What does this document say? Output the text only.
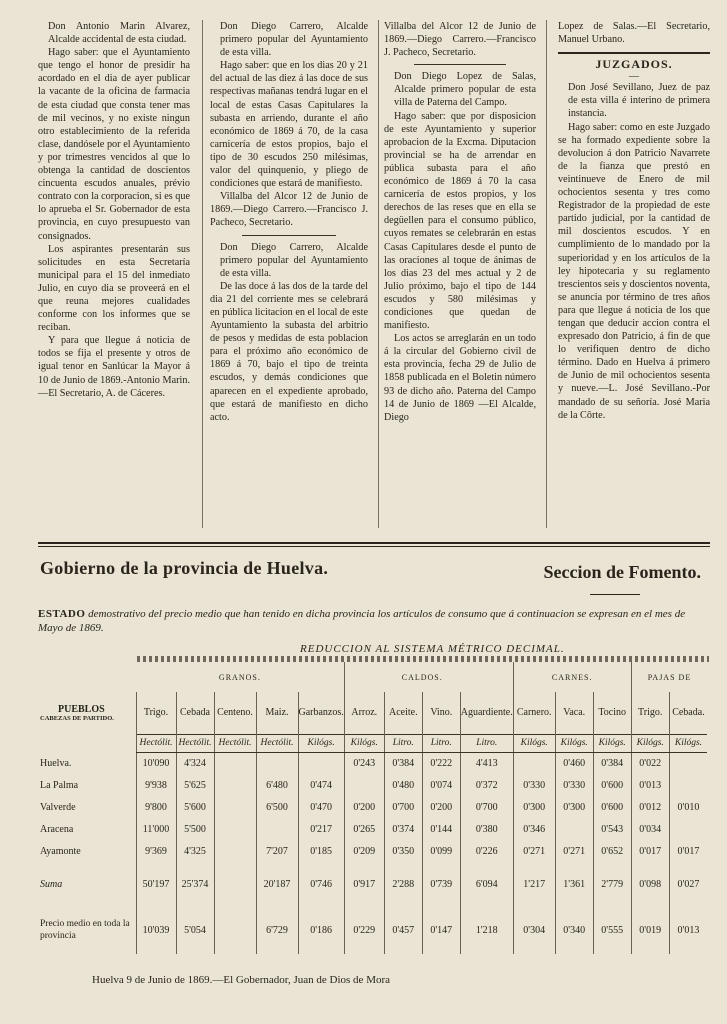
Don Antonio Marin Alvarez, Alcalde accidental de esta ciudad.

Hago saber: que el Ayuntamiento que tengo el honor de presidir ha acordado en el dia de ayer publicar la vacante de la oficina de farmacia de esta ciudad que consta tener mas de mil vecinos, y no existe ningun otro establecimiento de la referida clase, dandósele por el Ayuntamiento y por trimestres vencidos al que lo obtenga la cantidad de doscientos cincuenta escudos anuales, prévio contrato con la corporacion, si es que lo aprueba el Sr. Gobernador de esta provincia, en cuyo presupuesto van consignados.

Los aspirantes presentarán sus solicitudes en esta Secretaría municipal para el 15 del inmediato Julio, en cuyo dia se proveerá en el que reuna mejores cualidades conforme con los informes que se reciban.

Y para que llegue á noticia de todos se fija el presente y otros de igual tenor en Sanlúcar la Mayor á 10 de Junio de 1869.-Antonio Marin.—El Secretario, A. de Cáceres.

Don Diego Carrero, Alcalde primero popular del Ayuntamiento de esta villa.

Hago saber: que en los dias 20 y 21 del actual de las diez á las doce de sus respectivas mañanas tendrá lugar en el local de estas Casas Capitulares la subasta en arriendo, durante el año económico de 1869 á 70, de la casa carnicería de estos propios, bajo el tipo de 30 escudos 250 milésimas, valor del quinquenio, y pliego de condiciones que estará de manifiesto.

Villalba del Alcor 12 de Junio de 1869.—Diego Carrero.—Francisco J. Pacheco, Secretario.

Don Diego Carrero, Alcalde primero popular del Ayuntamiento de esta villa.

De las doce á las dos de la tarde del dia 21 del corriente mes se celebrará en pública licitacion en el local de este Ayuntamiento la subasta del arbitrio de pesos y medidas de esta poblacion para el próximo año económico de 1869 á 70, bajo el tipo de treinta escudos, y demás condiciones que aparecen en el expediente aprobado, que estará de manifiesto en dicho acto.

Villalba del Alcor 12 de Junio de 1869.—Diego Carrero.—Francisco J. Pacheco, Secretario.

Don Diego Lopez de Salas, Alcalde primero popular de esta villa de Paterna del Campo.

Hago saber: que por disposicion de este Ayuntamiento y superior aprobacion de la Excma. Diputacion provincial se ha de arrendar en pública subasta para el año económico de 1869 á 70 la casa carnicería de estos propios, y los derechos de las reses que en ella se degüellen para el consumo público, cuyos remates se celebrarán en estas Casas Capitulares desde el punto de las oraciones al toque de ánimas de los dias 23 del mes actual y 2 de Julio próximo, bajo el tipo de 144 escudos y 580 milésimas y condiciones que quedan de manifiesto.

Los actos se arreglarán en un todo á la circular del Gobierno civil de esta provincia, fecha 29 de Julio de 1858 publicada en el Boletin número 93 de dicho año. Paterna del Campo 14 de Junio de 1869 —El Alcalde, Diego

Lopez de Salas.—El Secretario, Manuel Urbano.

JUZGADOS.
—

Don José Sevillano, Juez de paz de esta villa é interino de primera instancia.

Hago saber: como en este Juzgado se ha formado expediente sobre la devolucion á don Patricio Navarrete de la fianza que prestó en veintinueve de Enero de mil ochocientos sesenta y tres como Registrador de la propiedad de este partido judicial, por la cantidad de mil doscientos escudos. Y en cumplimiento de lo mandado por la superioridad y en los artículos de la ley hipotecaria y su reglamento trescientos seis y doscientos noventa, se anuncia por término de tres años para que llegue á noticia de los que tengan que deducir accion contra el expresado don Patricio, á fin de que lo verifiquen dentro de dicho término. Dado en Huelva á primero de Junio de mil ochocientos sesenta y nueve.—L. José Sevillano.-Por mandado de su señoría. José Maria de la Côrte.

Gobierno de la provincia de Huelva.	Seccion de Fomento.
ESTADO demostrativo del precio medio que han tenido en dicha provincia los artículos de consumo que á continuacion se expresan en el mes de Mayo de 1869.
REDUCCION AL SISTEMA MÉTRICO DECIMAL.
	GRANOS.						CALDOS.			CARNES.			PAJAS DE	

PUEBLOS
CABEZAS DE PARTIDO.	Trigo.	Cebada	Centeno.	Maiz.	Garbanzos.	Arroz.	Aceite.	Vino.	Aguardiente.	Carnero.	Vaca.	Tocino	Trigo.	Cebada.
	Hectólit.	Hectólit.	Hectólit.	Hectólit.	Kilógs.	Kilógs.	Litro.	Litro.	Litro.	Kilógs.	Kilógs.	Kilógs.	Kilógs.	Kilógs.
Huelva.	10'090	4'324				0'243	0'384	0'222	4'413		0'460	0'384	0'022	
La Palma	9'938	5'625		6'480	0'474		0'480	0'074	0'372	0'330	0'330	0'600	0'013	
Valverde	9'800	5'600		6'500	0'470	0'200	0'700	0'200	0'700	0'300	0'300	0'600	0'012	0'010
Aracena	11'000	5'500			0'217	0'265	0'374	0'144	0'380	0'346		0'543	0'034	
Ayamonte	9'369	4'325		7'207	0'185	0'209	0'350	0'099	0'226	0'271	0'271	0'652	0'017	0'017
Suma	50'197	25'374		20'187	0'746	0'917	2'288	0'739	6'094	1'217	1'361	2'779	0'098	0'027
Precio medio en toda la provincia	10'039	5'054		6'729	0'186	0'229	0'457	0'147	1'218	0'304	0'340	0'555	0'019	0'013
Huelva 9 de Junio de 1869.—El Gobernador, Juan de Dios de Mora
